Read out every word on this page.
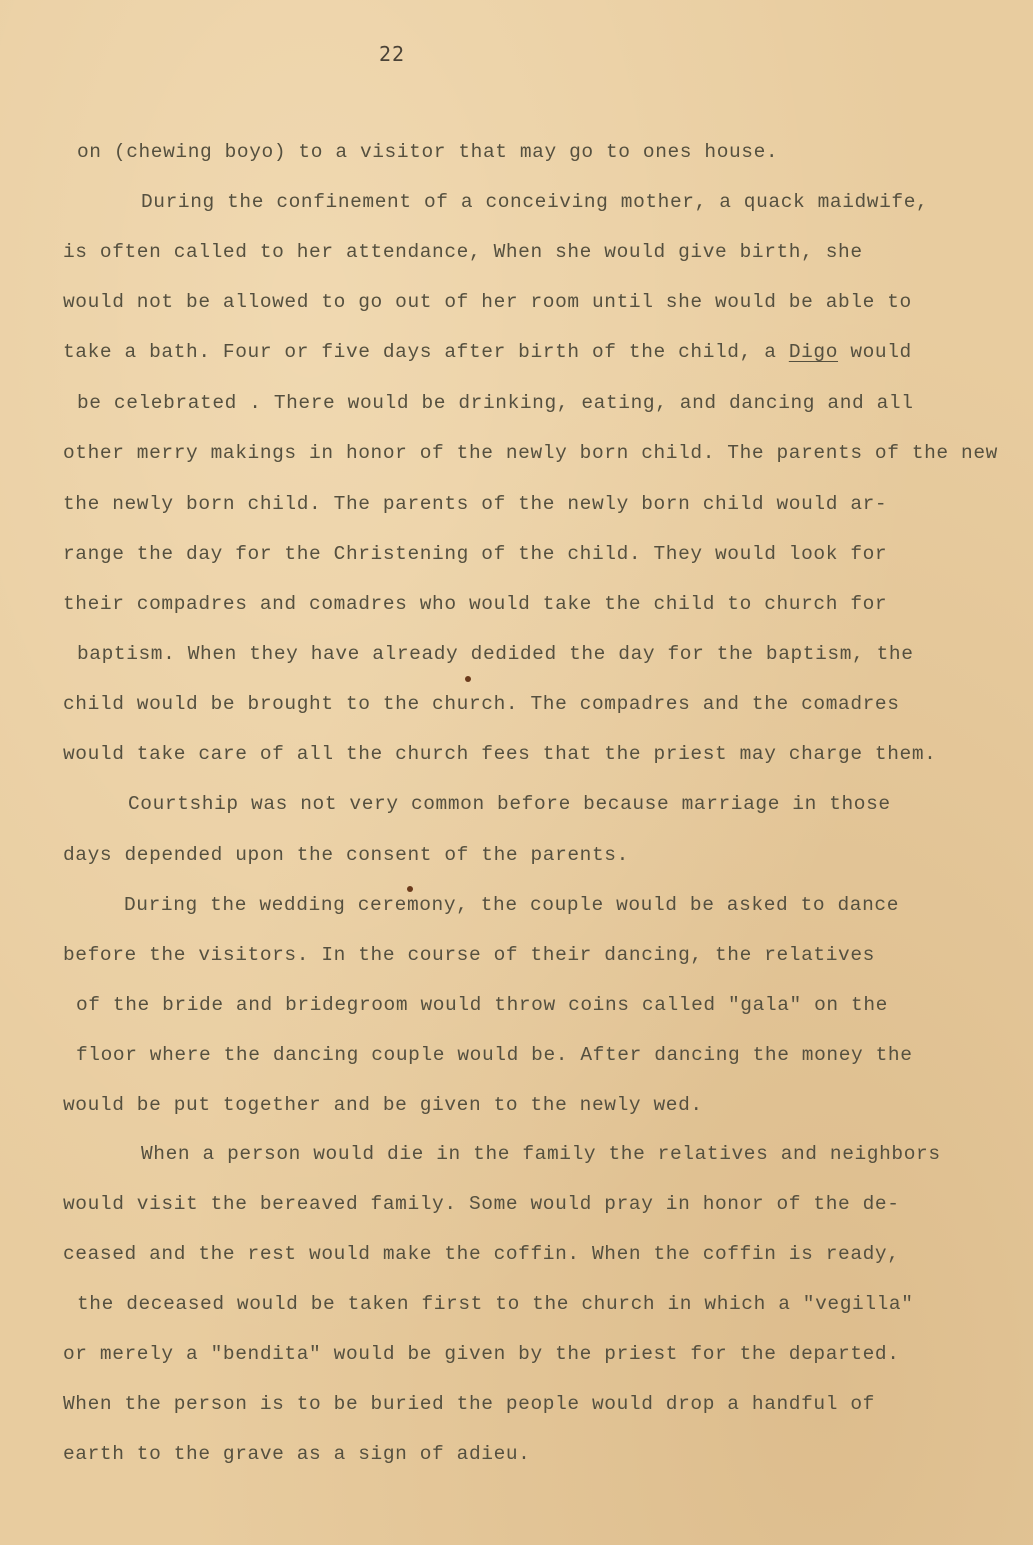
22
on (chewing boyo) to a visitor that may go to ones house.
During the confinement of a conceiving mother, a quack maidwife,
is often called to her attendance, When she would give birth, she
would not be allowed to go out of her room until she would be able to
take a bath. Four or five days after birth of the child, a Digo would
be celebrated . There would be drinking, eating, and dancing and all
other merry makings in honor of the newly born child. The parents of the new
the newly born child. The parents of the newly born child would ar-
range the day for the Christening of the child. They would look for
their compadres and comadres who would take the child to church for
baptism. When they have already dedided the day for the baptism, the
child would be brought to the church. The compadres and the comadres
would take care of all the church fees that the priest may charge them.
Courtship was not very common before because marriage in those
days depended upon the consent of the parents.
During the wedding ceremony, the couple would be asked to dance
before the visitors. In the course of their dancing, the relatives
of the bride and bridegroom would throw coins called "gala" on the
floor where the dancing couple would be. After dancing the money the
would be put together and be given to the newly wed.
When a person would die in the family the relatives and neighbors
would visit the bereaved family. Some would pray in honor of the de-
ceased and the rest would make the coffin. When the coffin is ready,
the deceased would be taken first to the church in which a "vegilla"
or merely a "bendita" would be given by the priest for the departed.
When the person is to be buried the people would drop a handful of
earth to the grave as a sign of adieu.
